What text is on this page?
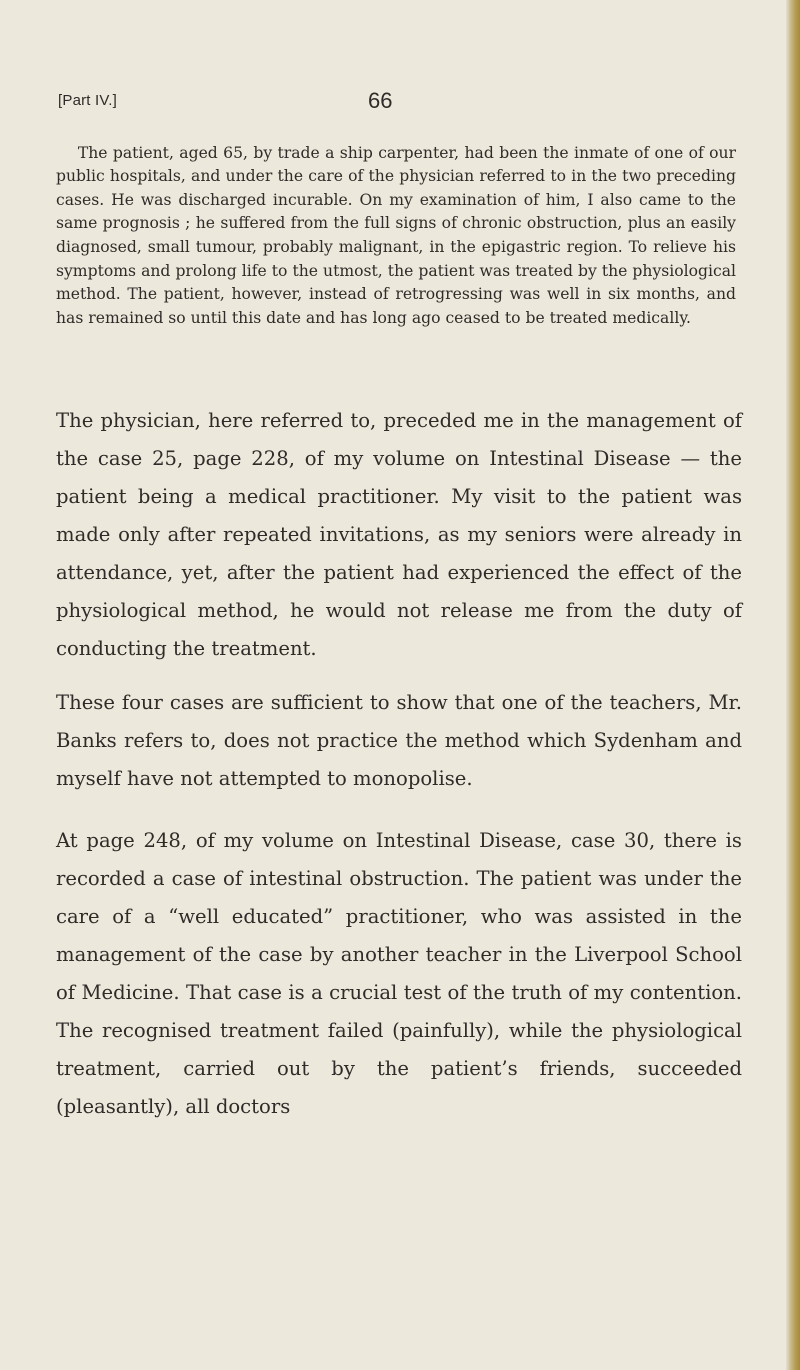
[Part IV.]	66

The patient, aged 65, by trade a ship carpenter, had been the inmate of one of our public hospitals, and under the care of the physician referred to in the two preceding cases. He was discharged incurable. On my examination of him, I also came to the same prognosis ; he suffered from the full signs of chronic obstruction, plus an easily diagnosed, small tumour, probably malignant, in the epigastric region. To relieve his symptoms and prolong life to the utmost, the patient was treated by the physiological method. The patient, however, instead of retrogressing was well in six months, and has remained so until this date and has long ago ceased to be treated medically.

The physician, here referred to, preceded me in the management of the case 25, page 228, of my volume on Intestinal Disease — the patient being a medical practitioner. My visit to the patient was made only after repeated invitations, as my seniors were already in attendance, yet, after the patient had experienced the effect of the physiological method, he would not release me from the duty of conducting the treatment.

These four cases are sufficient to show that one of the teachers, Mr. Banks refers to, does not practice the method which Sydenham and myself have not attempted to monopolise.

At page 248, of my volume on Intestinal Disease, case 30, there is recorded a case of intestinal obstruction. The patient was under the care of a “well educated” practitioner, who was assisted in the management of the case by another teacher in the Liverpool School of Medicine. That case is a crucial test of the truth of my contention. The recognised treatment failed (painfully), while the physiological treatment, carried out by the patient’s friends, succeeded (pleasantly), all doctors
